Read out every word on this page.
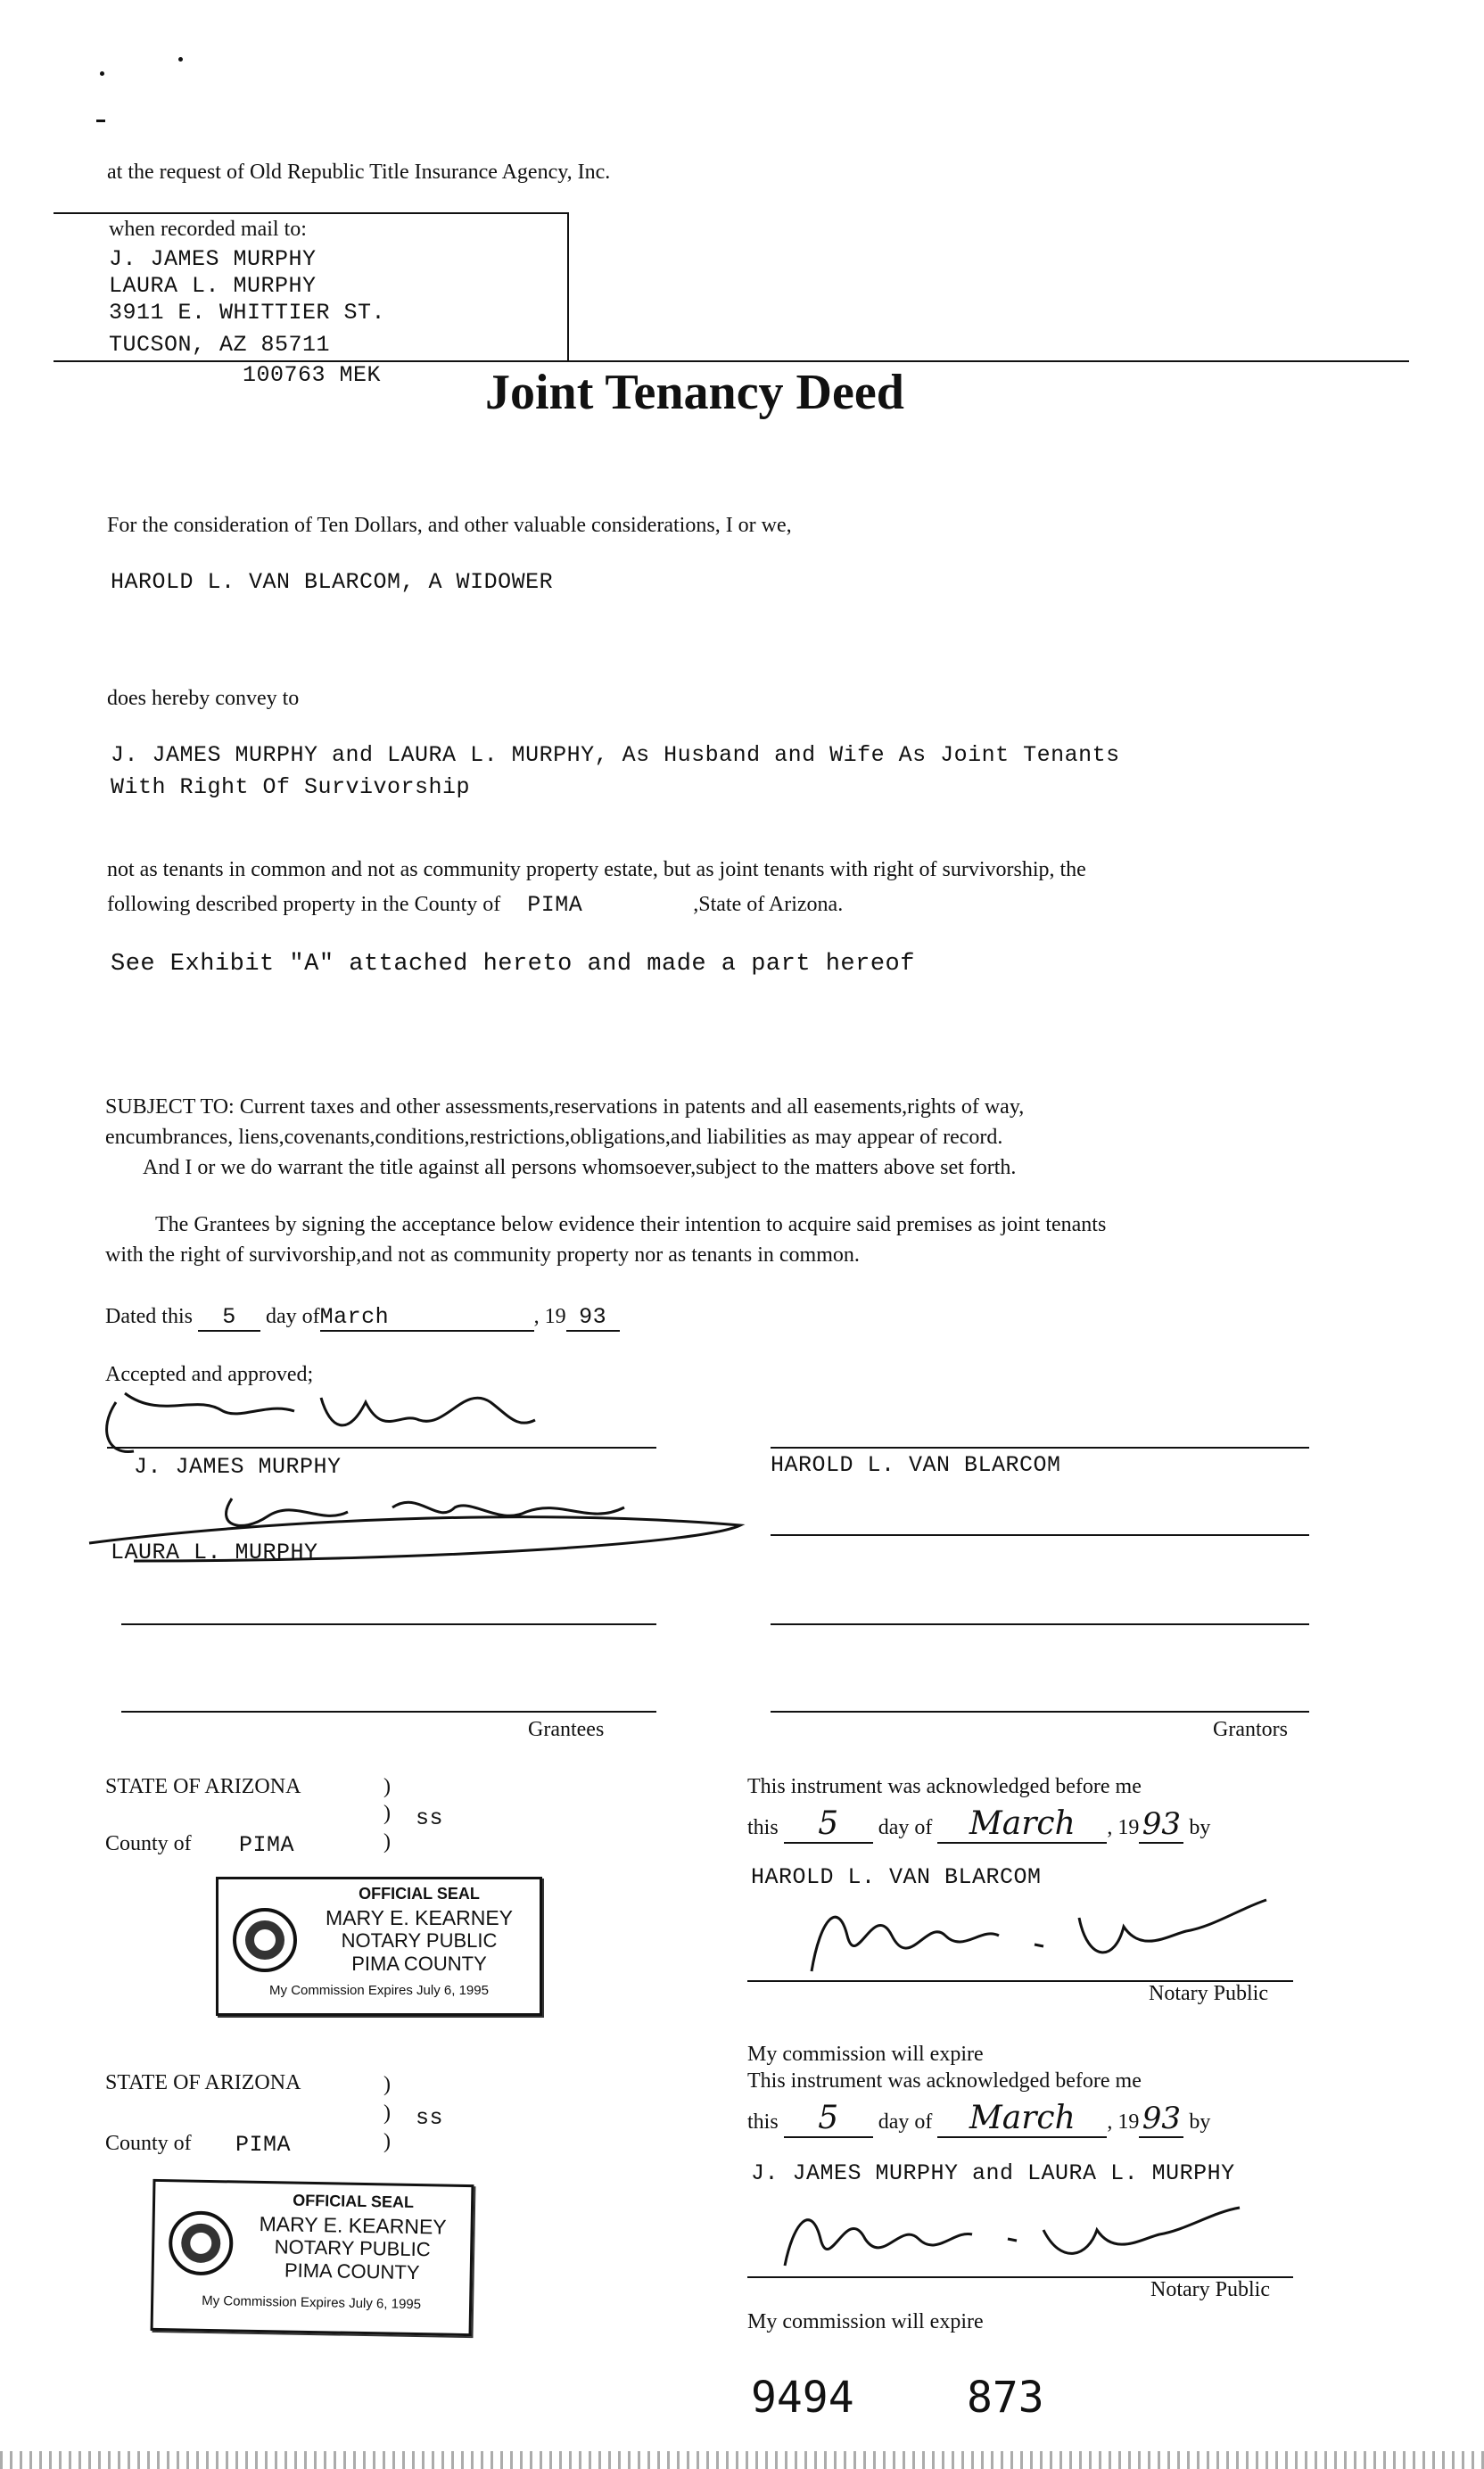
at the request of Old Republic Title Insurance Agency, Inc.
when recorded mail to:
J. JAMES MURPHY
LAURA L. MURPHY
3911 E. WHITTIER ST.
TUCSON, AZ 85711
100763 MEK Joint Tenancy Deed
For the consideration of Ten Dollars, and other valuable considerations, I or we,
HAROLD L. VAN BLARCOM, A WIDOWER
does hereby convey to
J. JAMES MURPHY and LAURA L. MURPHY, As Husband and Wife As Joint Tenants
With Right Of Survivorship
not as tenants in common and not as community property estate, but as joint tenants with right of survivorship, the
following described property in the County of PIMA	,State of Arizona.
See Exhibit "A" attached hereto and made a part hereof
SUBJECT TO: Current taxes and other assessments,reservations in patents and all easements,rights of way,
encumbrances, liens,covenants,conditions,restrictions,obligations,and liabilities as may appear of record.
And I or we do warrant the title against all persons whomsoever,subject to the matters above set forth.
The Grantees by signing the acceptance below evidence their intention to acquire said premises as joint tenants
with the right of survivorship,and not as community property nor as tenants in common.
Dated this 5 day ofMarch	, 19 93
Accepted and approved;
J. JAMES MURPHY
LAURA L. MURPHY
HAROLD L. VAN BLARCOM
Grantees	Grantors
STATE OF ARIZONA	)
)
)
ss
County of PIMA
OFFICIAL SEAL
MARY E. KEARNEY
NOTARY PUBLIC
PIMA COUNTY
My Commission Expires July 6, 1995
This instrument was acknowledged before me
this 5 day of March , 1993 by
HAROLD L. VAN BLARCOM
Notary Public
My commission will expire
STATE OF ARIZONA	)
)
)
ss
County of PIMA
OFFICIAL SEAL
MARY E. KEARNEY
NOTARY PUBLIC
PIMA COUNTY
My Commission Expires July 6, 1995
This instrument was acknowledged before me
this 5 day of March , 1993 by
J. JAMES MURPHY and LAURA L. MURPHY
Notary Public
My commission will expire
9494	873
